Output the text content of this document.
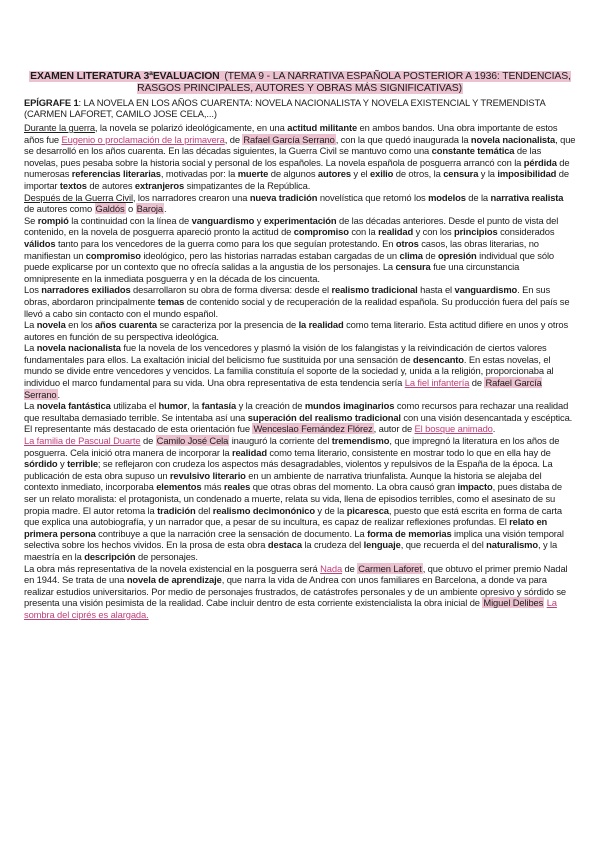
EXAMEN LITERATURA 3ªEVALUACION (TEMA 9 - LA NARRATIVA ESPAÑOLA POSTERIOR A 1936: TENDENCIAS, RASGOS PRINCIPALES, AUTORES Y OBRAS MÁS SIGNIFICATIVAS)
EPÍGRAFE 1: LA NOVELA EN LOS AÑOS CUARENTA: NOVELA NACIONALISTA Y NOVELA EXISTENCIAL Y TREMENDISTA (CARMEN LAFORET, CAMILO JOSE CELA,...)

Durante la guerra, la novela se polarizó ideológicamente, en una actitud militante en ambos bandos. Una obra importante de estos años fue Eugenio o proclamación de la primavera, de Rafael García Serrano, con la que quedó inaugurada la novela nacionalista, que se desarrolló en los años cuarenta. En las décadas siguientes, la Guerra Civil se mantuvo como una constante temática de las novelas, pues pesaba sobre la historia social y personal de los españoles. La novela española de posguerra arrancó con la pérdida de numerosas referencias literarias, motivadas por: la muerte de algunos autores y el exilio de otros, la censura y la imposibilidad de importar textos de autores extranjeros simpatizantes de la República.

Después de la Guerra Civil, los narradores crearon una nueva tradición novelística que retomó los modelos de la narrativa realista de autores como Galdós o Baroja.

Se rompió la continuidad con la línea de vanguardismo y experimentación de las décadas anteriores. Desde el punto de vista del contenido, en la novela de posguerra apareció pronto la actitud de compromiso con la realidad y con los principios considerados válidos tanto para los vencedores de la guerra como para los que seguían protestando. En otros casos, las obras literarias, no manifiestan un compromiso ideológico, pero las historias narradas estaban cargadas de un clima de opresión individual que sólo puede explicarse por un contexto que no ofrecía salidas a la angustia de los personajes. La censura fue una circunstancia omnipresente en la inmediata posguerra y en la década de los cincuenta.

Los narradores exiliados desarrollaron su obra de forma diversa: desde el realismo tradicional hasta el vanguardismo. En sus obras, abordaron principalmente temas de contenido social y de recuperación de la realidad española. Su producción fuera del país se llevó a cabo sin contacto con el mundo español.

La novela en los años cuarenta se caracteriza por la presencia de la realidad como tema literario. Esta actitud difiere en unos y otros autores en función de su perspectiva ideológica.

La novela nacionalista fue la novela de los vencedores y plasmó la visión de los falangistas y la reivindicación de ciertos valores fundamentales para ellos. La exaltación inicial del belicismo fue sustituida por una sensación de desencanto. En estas novelas, el mundo se divide entre vencedores y vencidos. La familia constituía el soporte de la sociedad y, unida a la religión, proporcionaba al individuo el marco fundamental para su vida. Una obra representativa de esta tendencia sería La fiel infantería de Rafael García Serrano.

La novela fantástica utilizaba el humor, la fantasía y la creación de mundos imaginarios como recursos para rechazar una realidad que resultaba demasiado terrible. Se intentaba así una superación del realismo tradicional con una visión desencantada y escéptica. El representante más destacado de esta orientación fue Wenceslao Fernández Flórez, autor de El bosque animado.

La familia de Pascual Duarte de Camilo José Cela inauguró la corriente del tremendismo, que impregnó la literatura en los años de posguerra. Cela inició otra manera de incorporar la realidad como tema literario, consistente en mostrar todo lo que en ella hay de sórdido y terrible; se reflejaron con crudeza los aspectos más desagradables, violentos y repulsivos de la España de la época. La publicación de esta obra supuso un revulsivo literario en un ambiente de narrativa triunfalista. Aunque la historia se alejaba del contexto inmediato, incorporaba elementos más reales que otras obras del momento. La obra causó gran impacto, pues distaba de ser un relato moralista: el protagonista, un condenado a muerte, relata su vida, llena de episodios terribles, como el asesinato de su propia madre. El autor retoma la tradición del realismo decimonónico y de la picaresca, puesto que está escrita en forma de carta que explica una autobiografía, y un narrador que, a pesar de su incultura, es capaz de realizar reflexiones profundas. El relato en primera persona contribuye a que la narración cree la sensación de documento. La forma de memorias implica una visión temporal selectiva sobre los hechos vividos. En la prosa de esta obra destaca la crudeza del lenguaje, que recuerda el del naturalismo, y la maestría en la descripción de personajes.

La obra más representativa de la novela existencial en la posguerra será Nada de Carmen Laforet, que obtuvo el primer premio Nadal en 1944. Se trata de una novela de aprendizaje, que narra la vida de Andrea con unos familiares en Barcelona, a donde va para realizar estudios universitarios. Por medio de personajes frustrados, de catástrofes personales y de un ambiente opresivo y sórdido se presenta una visión pesimista de la realidad. Cabe incluir dentro de esta corriente existencialista la obra inicial de Miguel Delibes La sombra del ciprés es alargada.
